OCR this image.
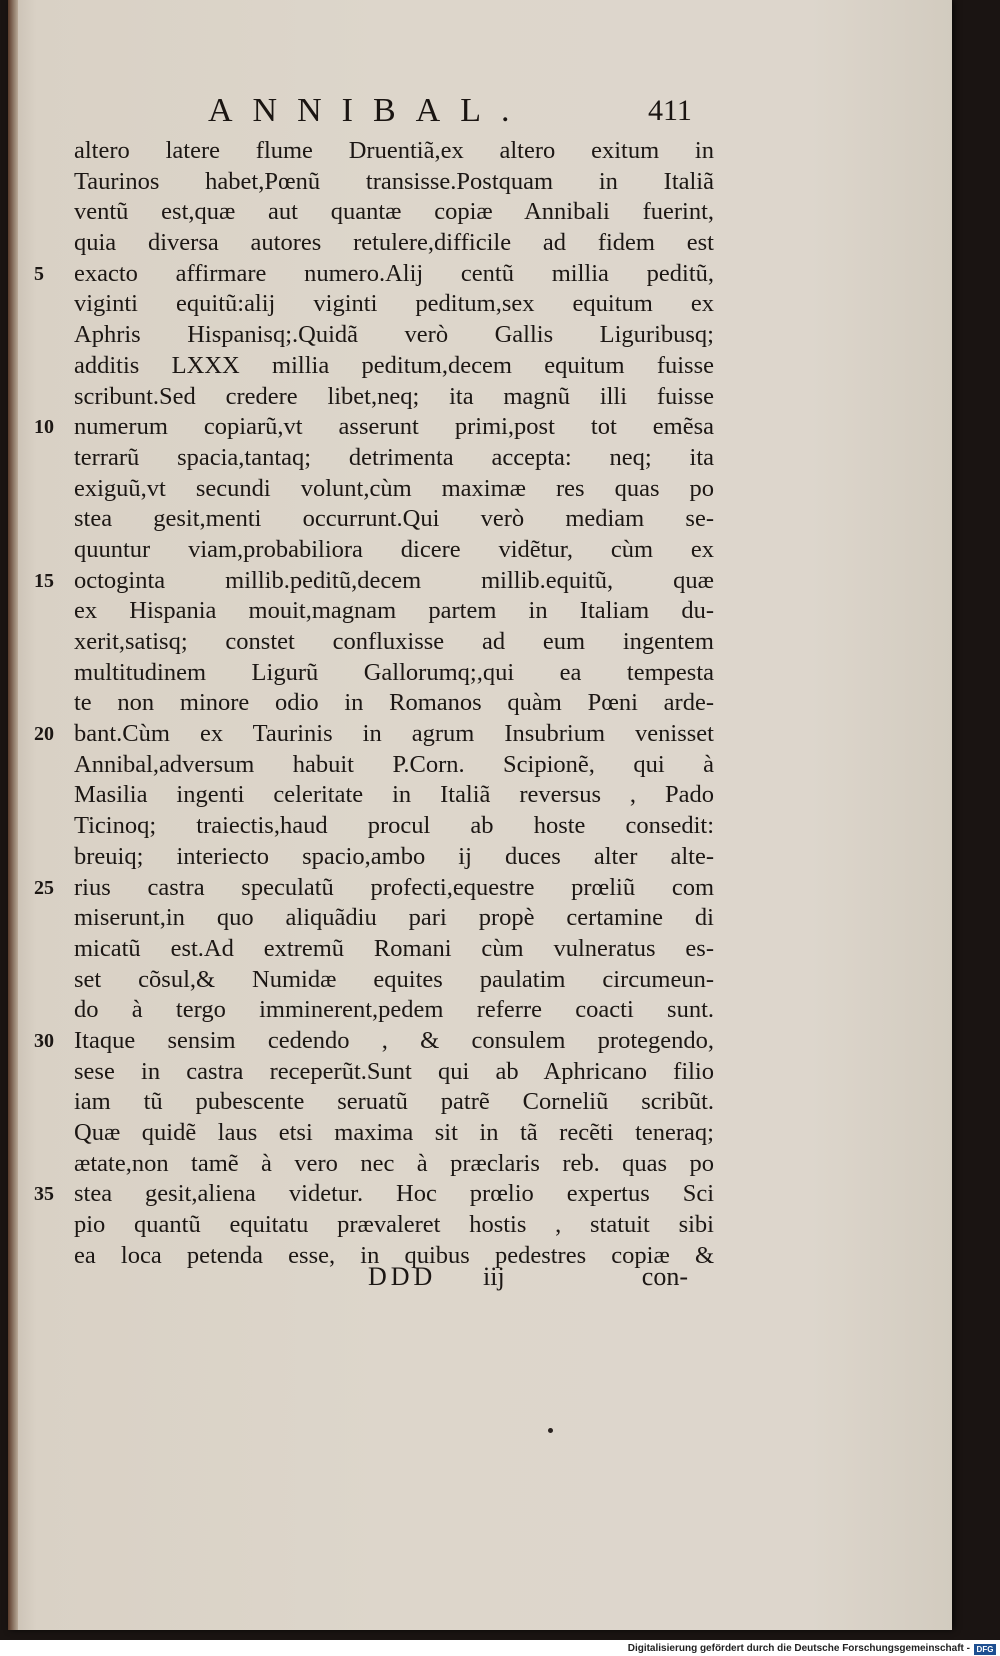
ANNIBAL.	411
altero latere flume Druentiã,ex altero exitum in
Taurinos habet,Pœnũ transisse.Postquam in Italiã
ventũ est,quæ aut quantæ copiæ Annibali fuerint,
quia diversa autores retulere,difficile ad fidem est
5	exacto affirmare numero.Alij centũ millia peditũ,
viginti equitũ:alij viginti peditum,sex equitum ex
Aphris Hispanisq;.Quidã verò Gallis Liguribusq;
additis LXXX millia peditum,decem equitum fuisse
scribunt.Sed credere libet,neq; ita magnũ illi fuisse
10 numerum copiarũ,vt asserunt primi,post tot emẽsa
terrarũ spacia,tantaq; detrimenta accepta: neq; ita
exiguũ,vt secundi volunt,cùm maximæ res quas po
stea gesit,menti occurrunt.Qui verò mediam se-
quuntur viam,probabiliora dicere vidẽtur, cùm ex
15 octoginta millib.peditũ,decem millib.equitũ, quæ
ex Hispania mouit,magnam partem in Italiam du-
xerit,satisq; constet confluxisse ad eum ingentem
multitudinem Ligurũ Gallorumq;,qui ea tempesta
te non minore odio in Romanos quàm Pœni arde-
20 bant.Cùm ex Taurinis in agrum Insubrium venisset
Annibal,adversum habuit P.Corn. Scipionẽ, qui à
Masilia ingenti celeritate in Italiã reversus , Pado
Ticinoq; traiectis,haud procul ab hoste consedit:
breuiq; interiecto spacio,ambo ij duces alter alte-
25 rius castra speculatũ profecti,equestre prœliũ com
miserunt,in quo aliquãdiu pari propè certamine di
micatũ est.Ad extremũ Romani cùm vulneratus es-
set cõsul,& Numidæ equites paulatim circumeun-
do à tergo imminerent,pedem referre coacti sunt.
30 Itaque sensim cedendo , & consulem protegendo,
sese in castra receperũt.Sunt qui ab Aphricano filio
iam tũ pubescente seruatũ patrẽ Corneliũ scribũt.
Quæ quidẽ laus etsi maxima sit in tã recẽti teneraq;
ætate,non tamẽ à vero nec à præclaris reb. quas po
35 stea gesit,aliena videtur. Hoc prœlio expertus Sci
pio quantũ equitatu prævaleret hostis , statuit sibi
ea loca petenda esse, in quibus pedestres copiæ &
DDD iij	con-
Digitalisierung gefördert durch die Deutsche Forschungsgemeinschaft - DFG
